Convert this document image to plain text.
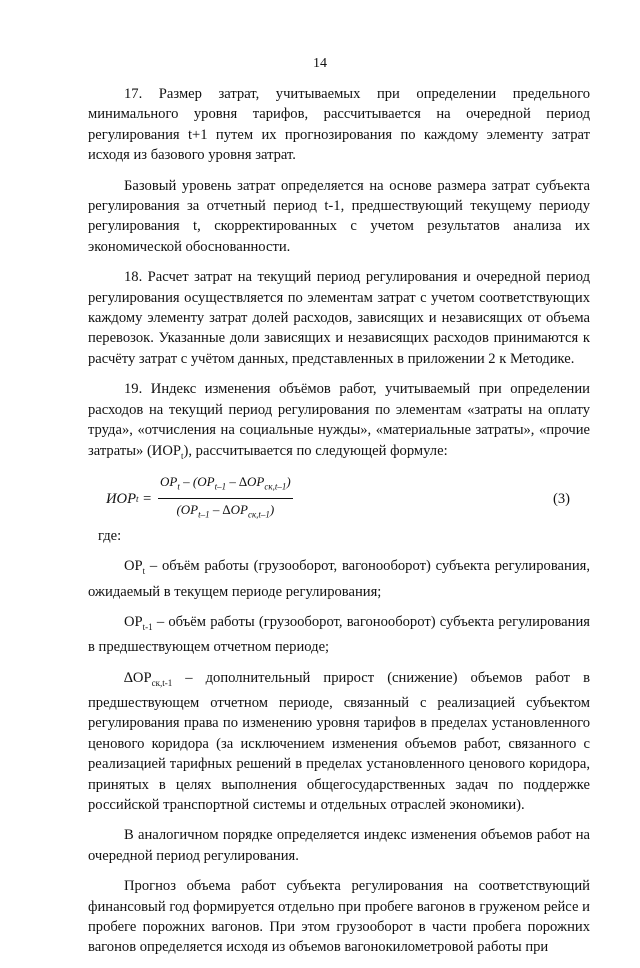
14

17. Размер затрат, учитываемых при определении предельного минимального уровня тарифов, рассчитывается на очередной период регулирования t+1 путем их прогнозирования по каждому элементу затрат исходя из базового уровня затрат.

Базовый уровень затрат определяется на основе размера затрат субъекта регулирования за отчетный период t-1, предшествующий текущему периоду регулирования t, скорректированных с учетом результатов анализа их экономической обоснованности.

18. Расчет затрат на текущий период регулирования и очередной период регулирования осуществляется по элементам затрат с учетом соответствующих каждому элементу затрат долей расходов, зависящих и независящих от объема перевозок. Указанные доли зависящих и независящих расходов принимаются к расчёту затрат с учётом данных, представленных в приложении 2 к Методике.

19. Индекс изменения объёмов работ, учитываемый при определении расходов на текущий период регулирования по элементам «затраты на оплату труда», «отчисления на социальные нужды», «материальные затраты», «прочие затраты» $(ИОР_t)$, рассчитывается по следующей формуле:

ИОР $t = \frac{ОР_t - (ОР_{t-1} - \Delta ОР_{ск,t-1})}{(ОР_{t-1} - \Delta ОР_{ск,t-1})}$	(3)
где:

$ОР_t$ – объём работы (грузооборот, вагонооборот) субъекта регулирования, ожидаемый в текущем периоде регулирования;

$ОР_{t-1}$ – объём работы (грузооборот, вагонооборот) субъекта регулирования в предшествующем отчетном периоде;

$\Delta ОР_{ск,t-1}$ – дополнительный прирост (снижение) объемов работ в предшествующем отчетном периоде, связанный с реализацией субъектом регулирования права по изменению уровня тарифов в пределах установленного ценового коридора (за исключением изменения объемов работ, связанного с реализацией тарифных решений в пределах установленного ценового коридора, принятых в целях выполнения общегосударственных задач по поддержке российской транспортной системы и отдельных отраслей экономики).

В аналогичном порядке определяется индекс изменения объемов работ на очередной период регулирования.

Прогноз объема работ субъекта регулирования на соответствующий финансовый год формируется отдельно при пробеге вагонов в груженом рейсе и пробеге порожних вагонов. При этом грузооборот в части пробега порожних вагонов определяется исходя из объемов вагонокилометровой работы при
